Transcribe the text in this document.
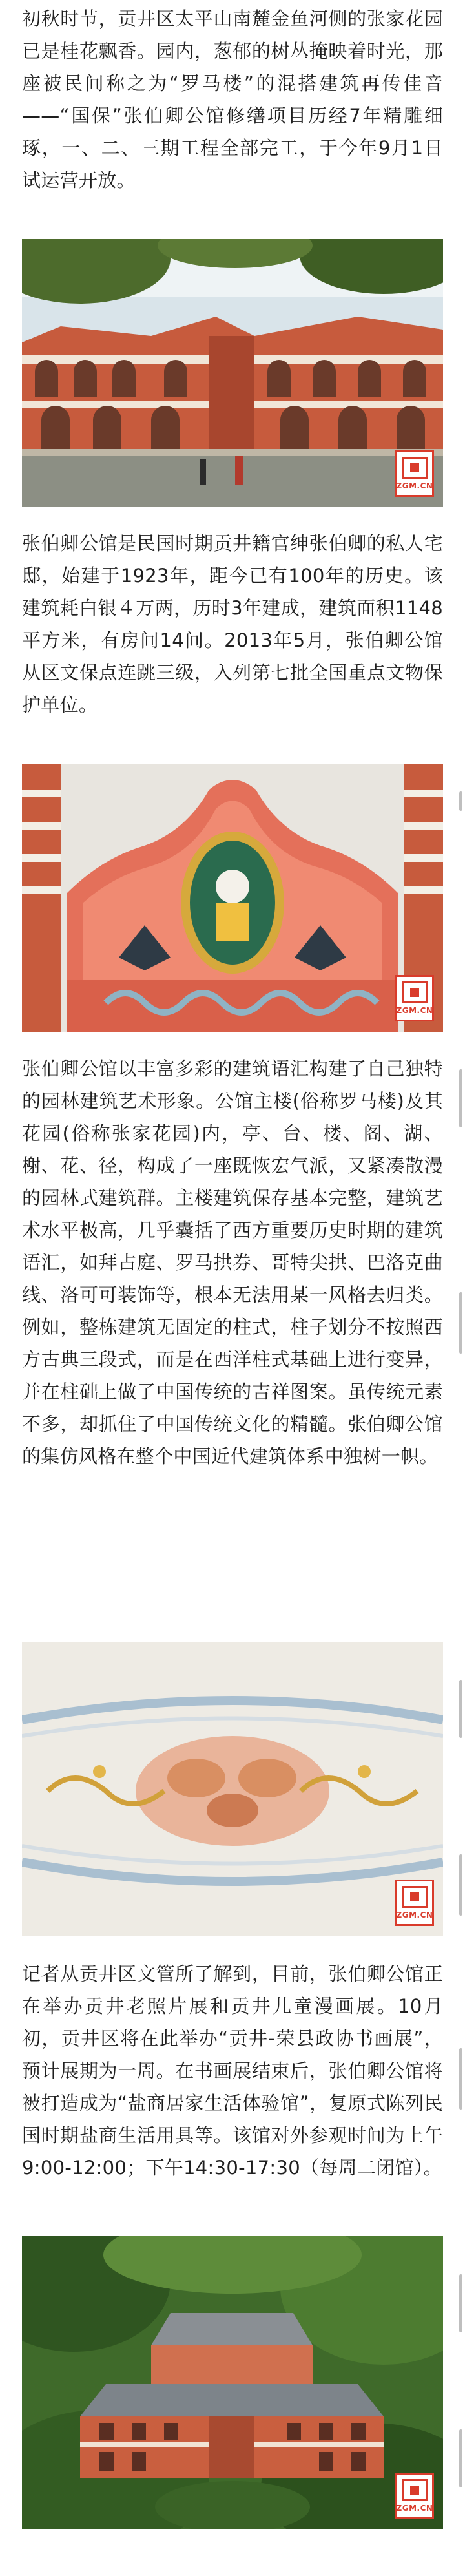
初秋时节，贡井区太平山南麓金鱼河侧的张家花园已是桂花飘香。园内，葱郁的树丛掩映着时光，那座被民间称之为“罗马楼”的混搭建筑再传佳音——“国保”张伯卿公馆修缮项目历经7年精雕细琢，一、二、三期工程全部完工，于今年9月1日试运营开放。

ZGM.CN

张伯卿公馆是民国时期贡井籍官绅张伯卿的私人宅邸，始建于1923年，距今已有100年的历史。该建筑耗白银４万两，历时3年建成，建筑面积1148平方米，有房间14间。2013年5月，张伯卿公馆从区文保点连跳三级，入列第七批全国重点文物保护单位。

ZGM.CN

张伯卿公馆以丰富多彩的建筑语汇构建了自己独特的园林建筑艺术形象。公馆主楼(俗称罗马楼)及其花园(俗称张家花园)内，亭、台、楼、阁、湖、榭、花、径，构成了一座既恢宏气派，又紧凑散漫的园林式建筑群。主楼建筑保存基本完整，建筑艺术水平极高，几乎囊括了西方重要历史时期的建筑语汇，如拜占庭、罗马拱券、哥特尖拱、巴洛克曲线、洛可可装饰等，根本无法用某一风格去归类。例如，整栋建筑无固定的柱式，柱子划分不按照西方古典三段式，而是在西洋柱式基础上进行变异，并在柱础上做了中国传统的吉祥图案。虽传统元素不多，却抓住了中国传统文化的精髓。张伯卿公馆的集仿风格在整个中国近代建筑体系中独树一帜。

ZGM.CN

记者从贡井区文管所了解到，目前，张伯卿公馆正在举办贡井老照片展和贡井儿童漫画展。10月初，贡井区将在此举办“贡井-荣县政协书画展”，预计展期为一周。在书画展结束后，张伯卿公馆将被打造成为“盐商居家生活体验馆”，复原式陈列民国时期盐商生活用具等。该馆对外参观时间为上午9:00-12:00；下午14:30-17:30（每周二闭馆）。

ZGM.CN
